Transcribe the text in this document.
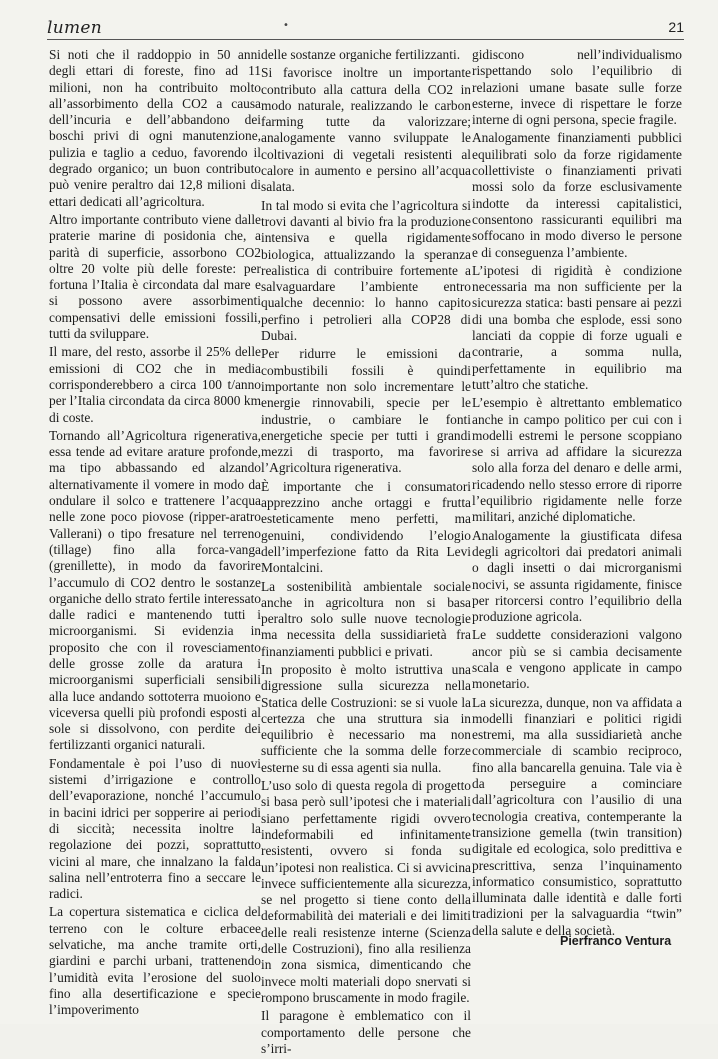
lumen	•	21

Si noti che il raddoppio in 50 anni degli ettari di foreste, fino ad 11 milioni, non ha contribuito molto all’assorbimento della CO2 a causa dell’incuria e dell’abbandono dei boschi privi di ogni manutenzione, pulizia e taglio a ceduo, favorendo il degrado organico; un buon contributo può venire peraltro dai 12,8 milioni di ettari dedicati all’agricoltura.

Altro importante contributo viene dalle praterie marine di posidonia che, a parità di superficie, assorbono CO2 oltre 20 volte più delle foreste: per fortuna l’Italia è circondata dal mare e si possono avere assorbimenti compensativi delle emissioni fossili, tutti da sviluppare.

Il mare, del resto, assorbe il 25% delle emissioni di CO2 che in media corrisponderebbero a circa 100 t/anno per l’Italia circondata da circa 8000 km di coste.

Tornando all’Agricoltura rigenerativa, essa tende ad evitare arature profonde, ma tipo abbassando ed alzando alternativamente il vomere in modo da ondulare il solco e trattenere l’acqua nelle zone poco piovose (ripper-aratro Vallerani) o tipo fresature nel terreno (tillage) fino alla forca-vanga (grenillette), in modo da favorire l’accumulo di CO2 dentro le sostanze organiche dello strato fertile interessato dalle radici e mantenendo tutti i microorganismi. Si evidenzia in proposito che con il rovesciamento delle grosse zolle da aratura i microorganismi superficiali sensibili alla luce andando sottoterra muoiono e viceversa quelli più profondi esposti al sole si dissolvono, con perdite dei fertilizzanti organici naturali.

Fondamentale è poi l’uso di nuovi sistemi d’irrigazione e controllo dell’evaporazione, nonché l’accumulo in bacini idrici per sopperire ai periodi di siccità; necessita inoltre la regolazione dei pozzi, soprattutto vicini al mare, che innalzano la falda salina nell’entroterra fino a seccare le radici.

La copertura sistematica e ciclica del terreno con le colture erbacee selvatiche, ma anche tramite orti, giardini e parchi urbani, trattenendo l’umidità evita l’erosione del suolo fino alla desertificazione e specie l’impoverimento

delle sostanze organiche fertilizzanti.

Si favorisce inoltre un importante contributo alla cattura della CO2 in modo naturale, realizzando le carbon farming tutte da valorizzare; analogamente vanno sviluppate le coltivazioni di vegetali resistenti al calore in aumento e persino all’acqua salata.

In tal modo si evita che l’agricoltura si trovi davanti al bivio fra la produzione intensiva e quella rigidamente biologica, attualizzando la speranza realistica di contribuire fortemente a salvaguardare l’ambiente entro qualche decennio: lo hanno capito perfino i petrolieri alla COP28 di Dubai.

Per ridurre le emissioni da combustibili fossili è quindi importante non solo incrementare le energie rinnovabili, specie per le industrie, o cambiare le fonti energetiche specie per tutti i grandi mezzi di trasporto, ma favorire l’Agricoltura rigenerativa.

È importante che i consumatori apprezzino anche ortaggi e frutta esteticamente meno perfetti, ma genuini, condividendo l’elogio dell’imperfezione fatto da Rita Levi Montalcini.

La sostenibilità ambientale sociale anche in agricoltura non si basa peraltro solo sulle nuove tecnologie ma necessita della sussidiarietà fra finanziamenti pubblici e privati.

In proposito è molto istruttiva una digressione sulla sicurezza nella Statica delle Costruzioni: se si vuole la certezza che una struttura sia in equilibrio è necessario ma non sufficiente che la somma delle forze esterne su di essa agenti sia nulla.

L’uso solo di questa regola di progetto si basa però sull’ipotesi che i materiali siano perfettamente rigidi ovvero indeformabili ed infinitamente resistenti, ovvero si fonda su un’ipotesi non realistica. Ci si avvicina invece sufficientemente alla sicurezza, se nel progetto si tiene conto della deformabilità dei materiali e dei limiti delle reali resistenze interne (Scienza delle Costruzioni), fino alla resilienza in zona sismica, dimenticando che invece molti materiali dopo snervati si rompono bruscamente in modo fragile.

Il paragone è emblematico con il comportamento delle persone che s’irri-

gidiscono nell’individualismo rispettando solo l’equilibrio di relazioni umane basate sulle forze esterne, invece di rispettare le forze interne di ogni persona, specie fragile.

Analogamente finanziamenti pubblici equilibrati solo da forze rigidamente collettiviste o finanziamenti privati mossi solo da forze esclusivamente indotte da interessi capitalistici, consentono rassicuranti equilibri ma soffocano in modo diverso le persone e di conseguenza l’ambiente.

L’ipotesi di rigidità è condizione necessaria ma non sufficiente per la sicurezza statica: basti pensare ai pezzi di una bomba che esplode, essi sono lanciati da coppie di forze uguali e contrarie, a somma nulla, perfettamente in equilibrio ma tutt’altro che statiche.

L’esempio è altrettanto emblematico anche in campo politico per cui con i modelli estremi le persone scoppiano se si arriva ad affidare la sicurezza solo alla forza del denaro e delle armi, ricadendo nello stesso errore di riporre l’equilibrio rigidamente nelle forze militari, anziché diplomatiche.

Analogamente la giustificata difesa degli agricoltori dai predatori animali o dagli insetti o dai microrganismi nocivi, se assunta rigidamente, finisce per ritorcersi contro l’equilibrio della produzione agricola.

Le suddette considerazioni valgono ancor più se si cambia decisamente scala e vengono applicate in campo monetario.

La sicurezza, dunque, non va affidata a modelli finanziari e politici rigidi estremi, ma alla sussidiarietà anche commerciale di scambio reciproco, fino alla bancarella genuina. Tale via è da perseguire a cominciare dall’agricoltura con l’ausilio di una tecnologia creativa, contemperante la transizione gemella (twin transition) digitale ed ecologica, solo predittiva e prescrittiva, senza l’inquinamento informatico consumistico, soprattutto illuminata dalle identità e dalle forti tradizioni per la salvaguardia “twin” della salute e della società.

Pierfranco Ventura
